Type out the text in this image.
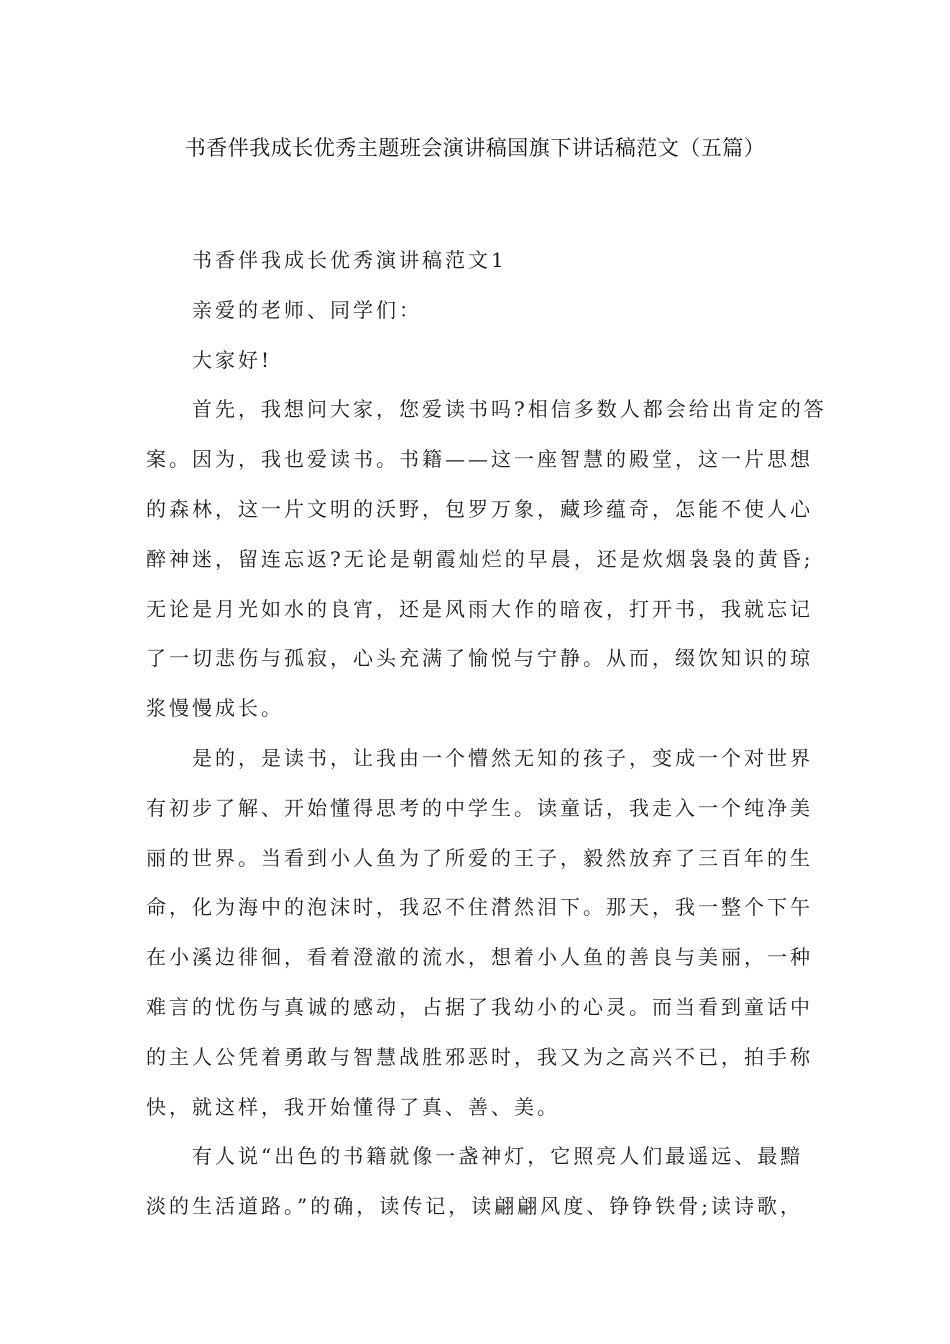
书香伴我成长优秀主题班会演讲稿国旗下讲话稿范文（五篇）

书香伴我成长优秀演讲稿范文1

亲爱的老师、同学们：

大家好!

首先，我想问大家，您爱读书吗?相信多数人都会给出肯定的答

案。因为，我也爱读书。书籍——这一座智慧的殿堂，这一片思想

的森林，这一片文明的沃野，包罗万象，藏珍蕴奇，怎能不使人心

醉神迷，留连忘返?无论是朝霞灿烂的早晨，还是炊烟袅袅的黄昏;

无论是月光如水的良宵，还是风雨大作的暗夜，打开书，我就忘记

了一切悲伤与孤寂，心头充满了愉悦与宁静。从而，缀饮知识的琼

浆慢慢成长。

是的，是读书，让我由一个懵然无知的孩子，变成一个对世界

有初步了解、开始懂得思考的中学生。读童话，我走入一个纯净美

丽的世界。当看到小人鱼为了所爱的王子，毅然放弃了三百年的生

命，化为海中的泡沫时，我忍不住潸然泪下。那天，我一整个下午

在小溪边徘徊，看着澄澈的流水，想着小人鱼的善良与美丽，一种

难言的忧伤与真诚的感动，占据了我幼小的心灵。而当看到童话中

的主人公凭着勇敢与智慧战胜邪恶时，我又为之高兴不已，拍手称

快，就这样，我开始懂得了真、善、美。

有人说“出色的书籍就像一盏神灯，它照亮人们最遥远、最黯

淡的生活道路。”的确，读传记，读翩翩风度、铮铮铁骨;读诗歌，
